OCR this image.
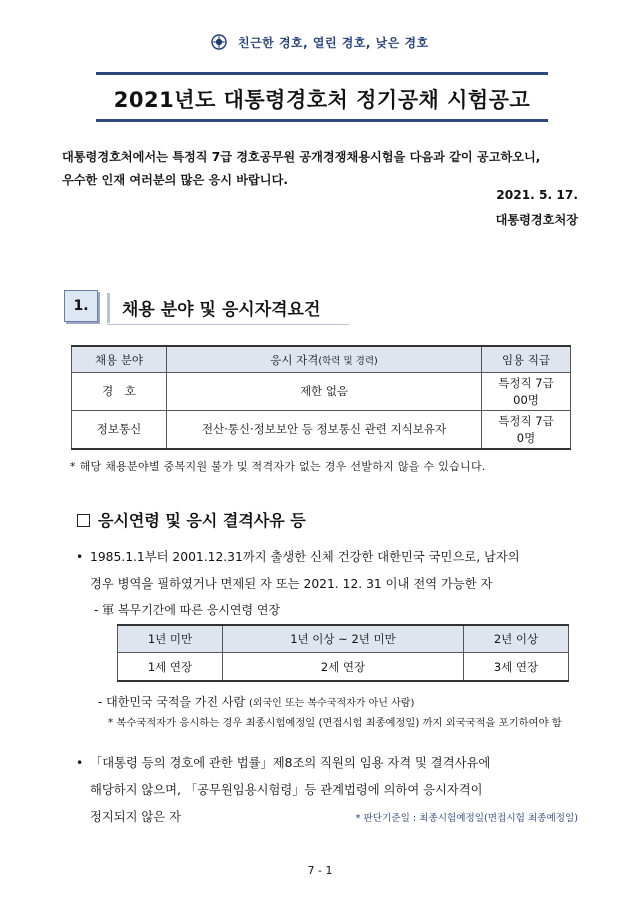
친근한 경호, 열린 경호, 낮은 경호
2021년도 대통령경호처 정기공채 시험공고
대통령경호처에서는 특정직 7급 경호공무원 공개경쟁채용시험을 다음과 같이 공고하오니,
우수한 인재 여러분의 많은 응시 바랍니다.
2021. 5. 17.
대통령경호처장
1.	채용 분야 및 응시자격요건
채용 분야	응시 자격(학력 및 경력)	임용 직급
경　호	제한 없음	특정직 7급
00명

정보통신	전산·통신·정보보안 등 정보통신 관련 지식보유자	특정직 7급
0명
* 해당 채용분야별 중복지원 불가 및 적격자가 없는 경우 선발하지 않을 수 있습니다.
응시연령 및 응시 결격사유 등
• 1985.1.1부터 2001.12.31까지 출생한 신체 건강한 대한민국 국민으로, 남자의
경우 병역을 필하였거나 면제된 자 또는 2021. 12. 31 이내 전역 가능한 자
- 軍 복무기간에 따른 응시연령 연장
1년 미만	1년 이상 ~ 2년 미만	2년 이상
1세 연장	2세 연장	3세 연장
- 대한민국 국적을 가진 사람 (외국인 또는 복수국적자가 아닌 사람)
* 복수국적자가 응시하는 경우 최종시험예정일 (면접시험 최종예정일) 까지 외국국적을 포기하여야 함
• 「대통령 등의 경호에 관한 법률」제8조의 직원의 임용 자격 및 결격사유에
해당하지 않으며, 「공무원임용시험령」등 관계법령에 의하여 응시자격이
정지되지 않은 자	* 판단기준일 : 최종시험예정일(면접시험 최종예정일)
7 - 1
